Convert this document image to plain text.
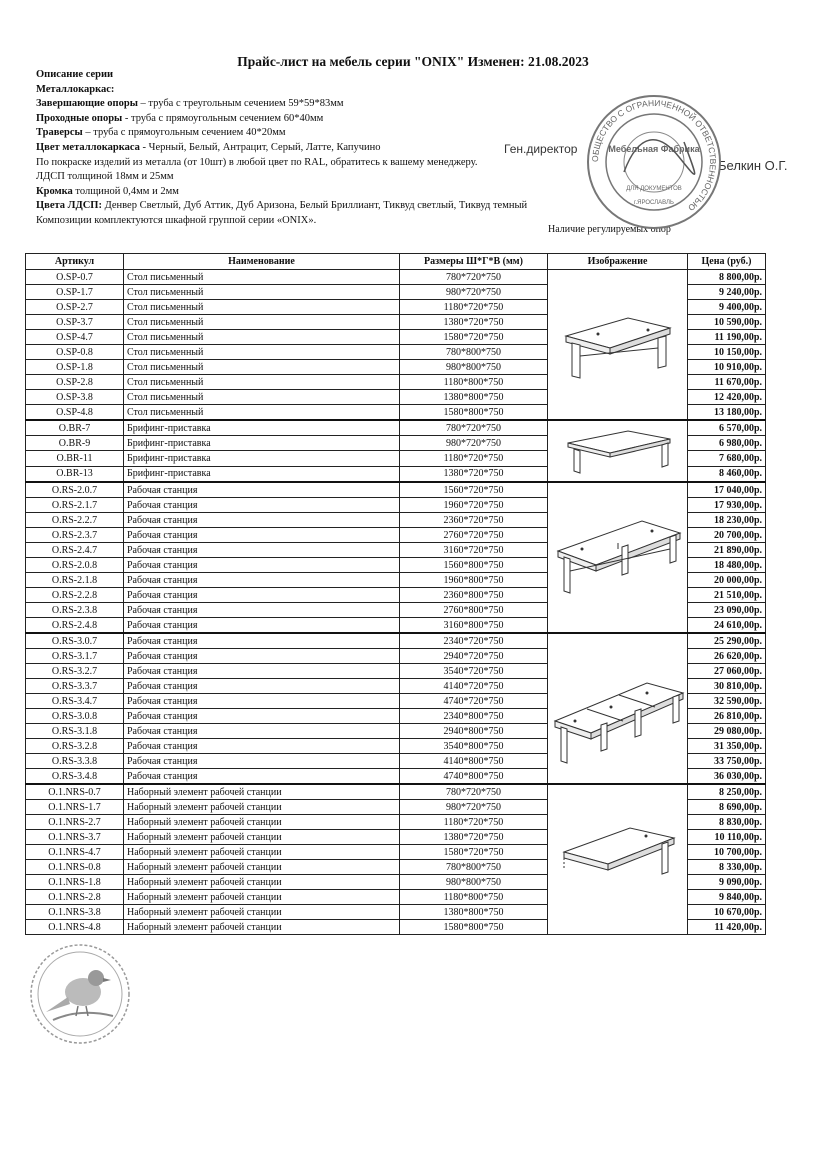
Прайс-лист на мебель серии "ONIX" Изменен: 21.08.2023
Описание серии
Металлокаркас:
Завершающие опоры – труба с треугольным сечением 59*59*83мм
Проходные опоры - труба с прямоугольным сечением 60*40мм
Траверсы – труба с прямоугольным сечением 40*20мм
Цвет металлокаркаса - Черный, Белый, Антрацит, Серый, Латте, Капучино
По покраске изделий из металла (от 10шт) в любой цвет по RAL, обратитесь к вашему менеджеру.
ЛДСП толщиной 18мм и 25мм
Кромка толщиной 0,4мм и 2мм
Цвета ЛДСП: Денвер Светлый, Дуб Аттик, Дуб Аризона, Белый Бриллиант, Тиквуд светлый, Тиквуд темный
Композиции комплектуются шкафной группой серии «ONIX».
Наличие регулируемых опор
Ген.директор
Белкин О.Г.
ОБЩЕСТВО С ОГРАНИЧЕННОЙ ОТВЕТСТВЕННОСТЬЮ
Мебельная Фабрика
ДЛЯ ДОКУМЕНТОВ
г.ЯРОСЛАВЛЬ
Артикул	Наименование	Размеры Ш*Г*В (мм)	Изображение	Цена (руб.)
O.SP-0.7	Стол письменный	780*720*750		8 800,00р.
O.SP-1.7	Стол письменный	980*720*750		9 240,00р.
O.SP-2.7	Стол письменный	1180*720*750		9 400,00р.
O.SP-3.7	Стол письменный	1380*720*750		10 590,00р.
O.SP-4.7	Стол письменный	1580*720*750		11 190,00р.
O.SP-0.8	Стол письменный	780*800*750		10 150,00р.
O.SP-1.8	Стол письменный	980*800*750		10 910,00р.
O.SP-2.8	Стол письменный	1180*800*750		11 670,00р.
O.SP-3.8	Стол письменный	1380*800*750		12 420,00р.
O.SP-4.8	Стол письменный	1580*800*750		13 180,00р.
O.BR-7	Брифинг-приставка	780*720*750		6 570,00р.
O.BR-9	Брифинг-приставка	980*720*750		6 980,00р.
O.BR-11	Брифинг-приставка	1180*720*750		7 680,00р.
O.BR-13	Брифинг-приставка	1380*720*750		8 460,00р.
O.RS-2.0.7	Рабочая станция	1560*720*750		17 040,00р.
O.RS-2.1.7	Рабочая станция	1960*720*750		17 930,00р.
O.RS-2.2.7	Рабочая станция	2360*720*750		18 230,00р.
O.RS-2.3.7	Рабочая станция	2760*720*750		20 700,00р.
O.RS-2.4.7	Рабочая станция	3160*720*750		21 890,00р.
O.RS-2.0.8	Рабочая станция	1560*800*750		18 480,00р.
O.RS-2.1.8	Рабочая станция	1960*800*750		20 000,00р.
O.RS-2.2.8	Рабочая станция	2360*800*750		21 510,00р.
O.RS-2.3.8	Рабочая станция	2760*800*750		23 090,00р.
O.RS-2.4.8	Рабочая станция	3160*800*750		24 610,00р.
O.RS-3.0.7	Рабочая станция	2340*720*750		25 290,00р.
O.RS-3.1.7	Рабочая станция	2940*720*750		26 620,00р.
O.RS-3.2.7	Рабочая станция	3540*720*750		27 060,00р.
O.RS-3.3.7	Рабочая станция	4140*720*750		30 810,00р.
O.RS-3.4.7	Рабочая станция	4740*720*750		32 590,00р.
O.RS-3.0.8	Рабочая станция	2340*800*750		26 810,00р.
O.RS-3.1.8	Рабочая станция	2940*800*750		29 080,00р.
O.RS-3.2.8	Рабочая станция	3540*800*750		31 350,00р.
O.RS-3.3.8	Рабочая станция	4140*800*750		33 750,00р.
O.RS-3.4.8	Рабочая станция	4740*800*750		36 030,00р.
O.1.NRS-0.7	Наборный элемент рабочей станции	780*720*750		8 250,00р.
O.1.NRS-1.7	Наборный элемент рабочей станции	980*720*750		8 690,00р.
O.1.NRS-2.7	Наборный элемент рабочей станции	1180*720*750		8 830,00р.
O.1.NRS-3.7	Наборный элемент рабочей станции	1380*720*750		10 110,00р.
O.1.NRS-4.7	Наборный элемент рабочей станции	1580*720*750		10 700,00р.
O.1.NRS-0.8	Наборный элемент рабочей станции	780*800*750		8 330,00р.
O.1.NRS-1.8	Наборный элемент рабочей станции	980*800*750		9 090,00р.
O.1.NRS-2.8	Наборный элемент рабочей станции	1180*800*750		9 840,00р.
O.1.NRS-3.8	Наборный элемент рабочей станции	1380*800*750		10 670,00р.
O.1.NRS-4.8	Наборный элемент рабочей станции	1580*800*750		11 420,00р.
